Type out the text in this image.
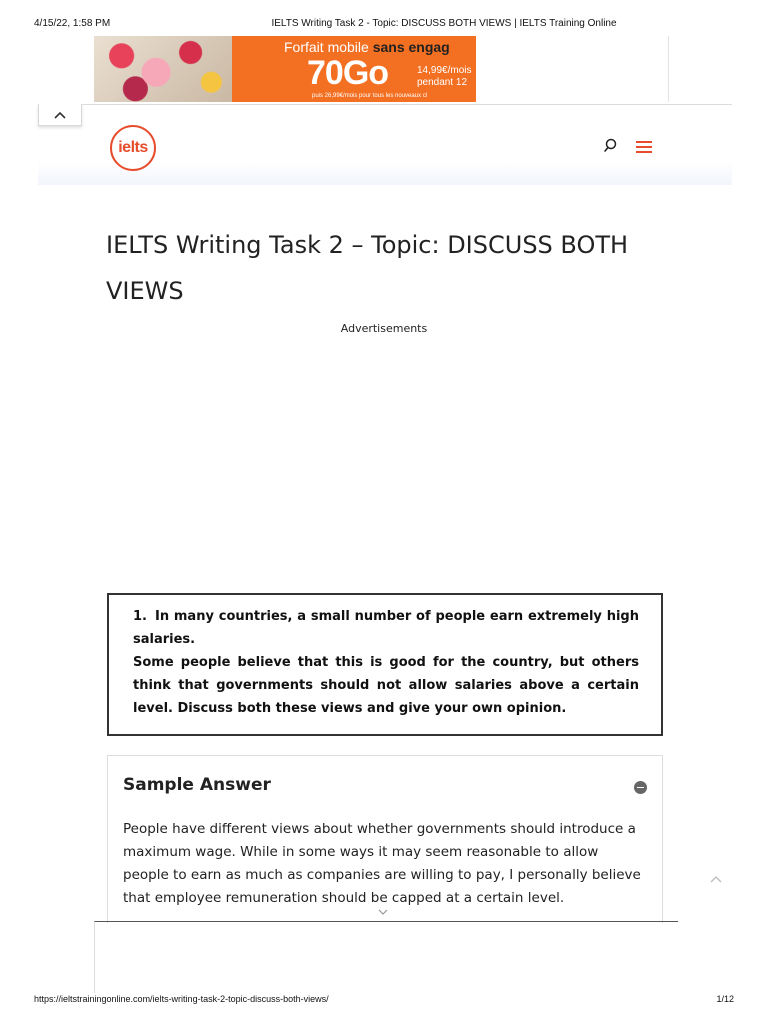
4/15/22, 1:58 PM	IELTS Writing Task 2 - Topic: DISCUSS BOTH VIEWS | IELTS Training Online
Forfait mobile sans engag
70Go	14,99€/mois
pendant 12
puis 26,99€/mois pour tous les nouveaux cl
ielts
IELTS Writing Task 2 – Topic: DISCUSS BOTH VIEWS
Advertisements
1. In many countries, a small number of people earn extremely high salaries.
Some people believe that this is good for the country, but others think that governments should not allow salaries above a certain level. Discuss both these views and give your own opinion.
Sample Answer
People have different views about whether governments should introduce a maximum wage. While in some ways it may seem reasonable to allow people to earn as much as companies are willing to pay, I personally believe that employee remuneration should be capped at a certain level.
https://ieltstrainingonline.com/ielts-writing-task-2-topic-discuss-both-views/	1/12
